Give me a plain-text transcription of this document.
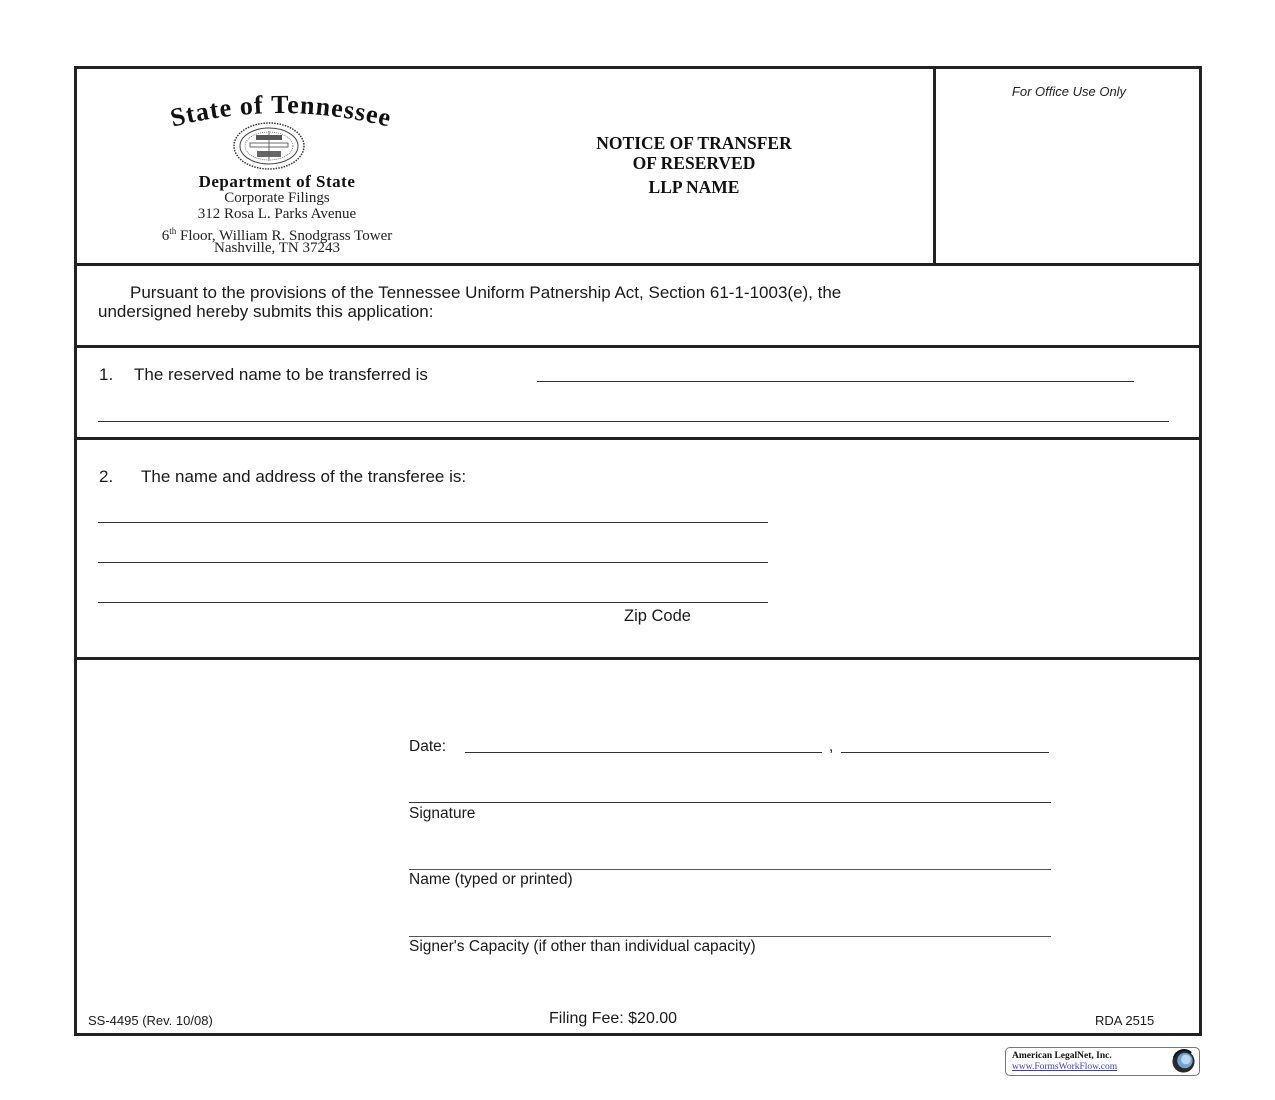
State of Tennessee
Department of State
Corporate Filings
312 Rosa L. Parks Avenue
6th Floor, William R. Snodgrass Tower
Nashville, TN 37243
NOTICE OF TRANSFER
OF RESERVED
LLP NAME
For Office Use Only
Pursuant to the provisions of the Tennessee Uniform Patnership Act, Section 61-1-1003(e), the
undersigned hereby submits this application:
1. The reserved name to be transferred is
2. The name and address of the transferee is:
Zip Code
Date:	,
Signature
Name (typed or printed)
Signer's Capacity (if other than individual capacity)
SS-4495 (Rev. 10/08)	Filing Fee: $20.00	RDA 2515
American LegalNet, Inc.
www.FormsWorkFlow.com
